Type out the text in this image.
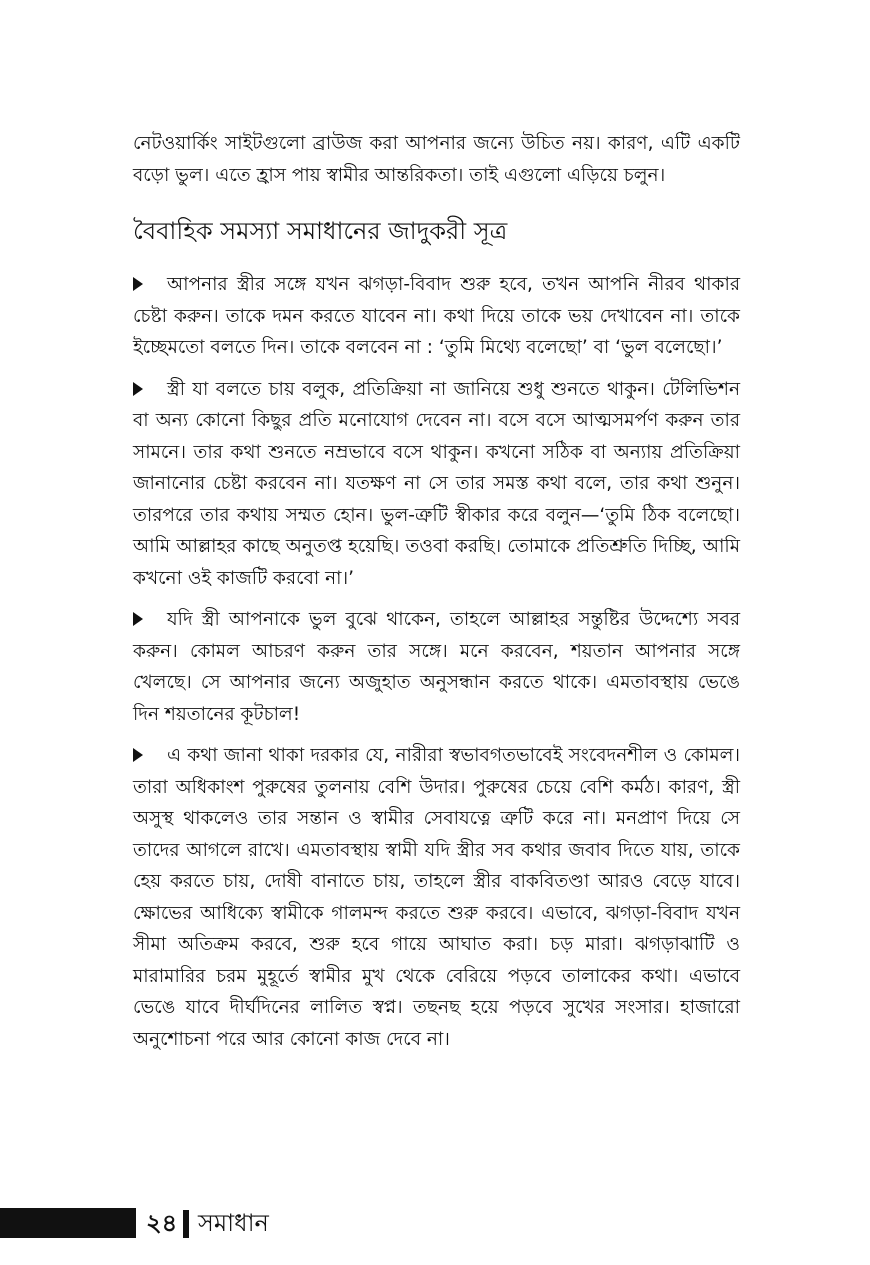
নেটওয়ার্কিং সাইটগুলো ব্রাউজ করা আপনার জন্যে উচিত নয়। কারণ, এটি একটি বড়ো ভুল। এতে হ্রাস পায় স্বামীর আন্তরিকতা। তাই এগুলো এড়িয়ে চলুন।

বৈবাহিক সমস্যা সমাধানের জাদুকরী সূত্র

আপনার স্ত্রীর সঙ্গে যখন ঝগড়া-বিবাদ শুরু হবে, তখন আপনি নীরব থাকার চেষ্টা করুন। তাকে দমন করতে যাবেন না। কথা দিয়ে তাকে ভয় দেখাবেন না। তাকে ইচ্ছেমতো বলতে দিন। তাকে বলবেন না : ‘তুমি মিথ্যে বলেছো’ বা ‘ভুল বলেছো।’

স্ত্রী যা বলতে চায় বলুক, প্রতিক্রিয়া না জানিয়ে শুধু শুনতে থাকুন। টেলিভিশন বা অন্য কোনো কিছুর প্রতি মনোযোগ দেবেন না। বসে বসে আত্মসমর্পণ করুন তার সামনে। তার কথা শুনতে নম্রভাবে বসে থাকুন। কখনো সঠিক বা অন্যায় প্রতিক্রিয়া জানানোর চেষ্টা করবেন না। যতক্ষণ না সে তার সমস্ত কথা বলে, তার কথা শুনুন। তারপরে তার কথায় সম্মত হোন। ভুল-ত্রুটি স্বীকার করে বলুন—‘তুমি ঠিক বলেছো। আমি আল্লাহর কাছে অনুতপ্ত হয়েছি। তওবা করছি। তোমাকে প্রতিশ্রুতি দিচ্ছি, আমি কখনো ওই কাজটি করবো না।’

যদি স্ত্রী আপনাকে ভুল বুঝে থাকেন, তাহলে আল্লাহর সন্তুষ্টির উদ্দেশ্যে সবর করুন। কোমল আচরণ করুন তার সঙ্গে। মনে করবেন, শয়তান আপনার সঙ্গে খেলছে। সে আপনার জন্যে অজুহাত অনুসন্ধান করতে থাকে। এমতাবস্থায় ভেঙে দিন শয়তানের কূটচাল!

এ কথা জানা থাকা দরকার যে, নারীরা স্বভাবগতভাবেই সংবেদনশীল ও কোমল। তারা অধিকাংশ পুরুষের তুলনায় বেশি উদার। পুরুষের চেয়ে বেশি কর্মঠ। কারণ, স্ত্রী অসুস্থ থাকলেও তার সন্তান ও স্বামীর সেবাযত্নে ত্রুটি করে না। মনপ্রাণ দিয়ে সে তাদের আগলে রাখে। এমতাবস্থায় স্বামী যদি স্ত্রীর সব কথার জবাব দিতে যায়, তাকে হেয় করতে চায়, দোষী বানাতে চায়, তাহলে স্ত্রীর বাকবিতণ্ডা আরও বেড়ে যাবে। ক্ষোভের আধিক্যে স্বামীকে গালমন্দ করতে শুরু করবে। এভাবে, ঝগড়া-বিবাদ যখন সীমা অতিক্রম করবে, শুরু হবে গায়ে আঘাত করা। চড় মারা। ঝগড়াঝাটি ও মারামারির চরম মুহূর্তে স্বামীর মুখ থেকে বেরিয়ে পড়বে তালাকের কথা। এভাবে ভেঙে যাবে দীর্ঘদিনের লালিত স্বপ্ন। তছনছ হয়ে পড়বে সুখের সংসার। হাজারো অনুশোচনা পরে আর কোনো কাজ দেবে না।

২৪ সমাধান
